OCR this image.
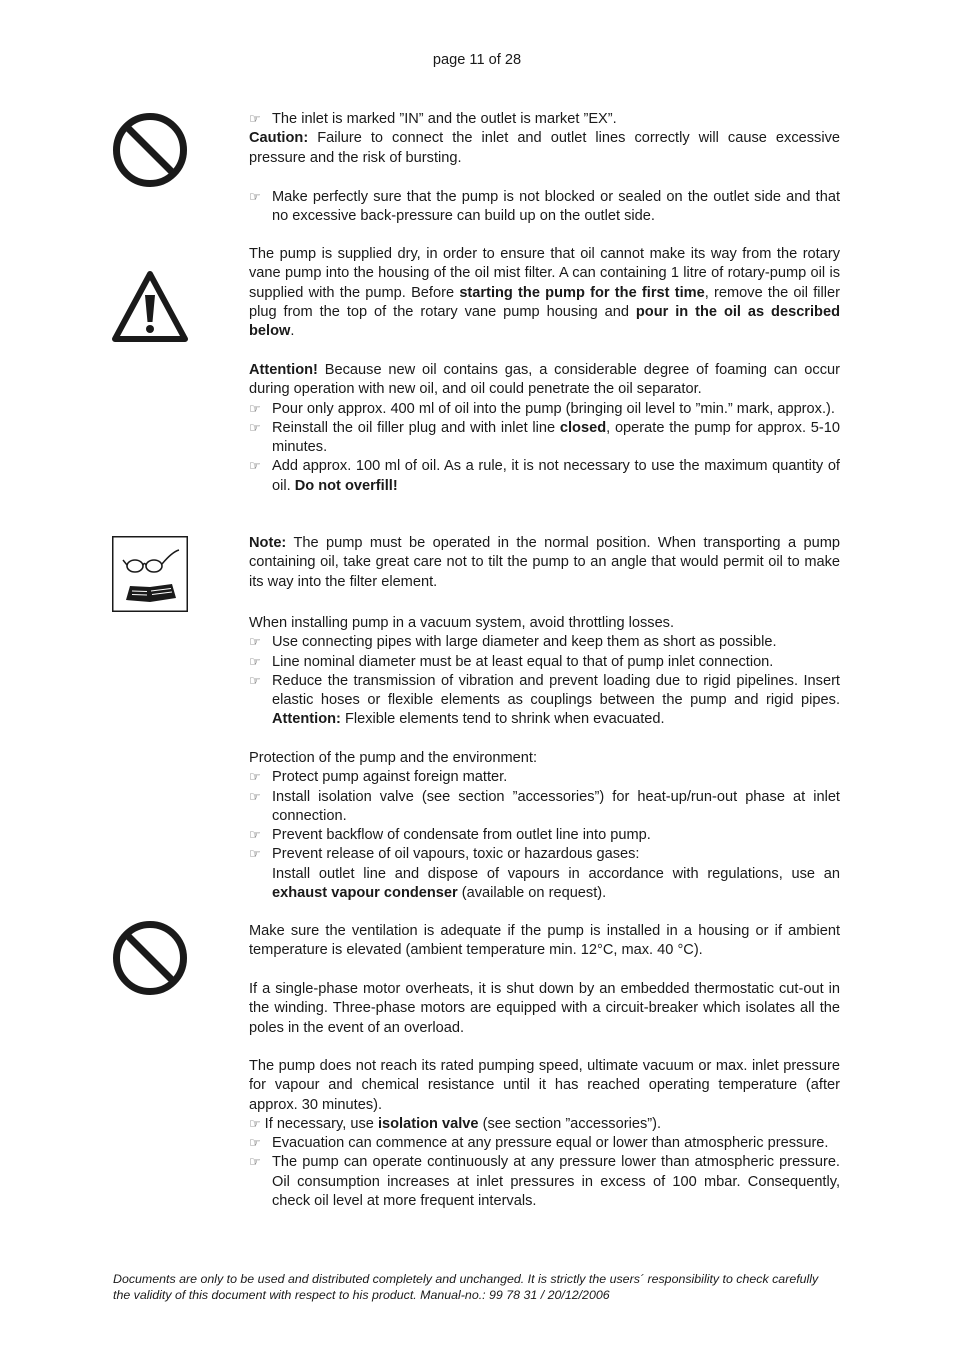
page 11 of 28
☞ The inlet is marked ”IN” and the outlet is market ”EX”.
Caution: Failure to connect the inlet and outlet lines correctly will cause excessive pressure and the risk of bursting.
☞ Make perfectly sure that the pump is not blocked or sealed on the outlet side and that no excessive back-pressure can build up on the outlet side.
The pump is supplied dry, in order to ensure that oil cannot make its way from the rotary vane pump into the housing of the oil mist filter. A can containing 1 litre of rotary-pump oil is supplied with the pump. Before starting the pump for the first time, remove the oil filler plug from the top of the rotary vane pump housing and pour in the oil as described below.
Attention! Because new oil contains gas, a considerable degree of foaming can occur during operation with new oil, and oil could penetrate the oil separator.
☞ Pour only approx. 400 ml of oil into the pump (bringing oil level to ”min.” mark, approx.).
☞ Reinstall the oil filler plug and with inlet line closed, operate the pump for approx. 5-10 minutes.
☞ Add approx. 100 ml of oil. As a rule, it is not necessary to use the maximum quantity of oil. Do not overfill!
Note: The pump must be operated in the normal position. When transporting a pump containing oil, take great care not to tilt the pump to an angle that would permit oil to make its way into the filter element.
When installing pump in a vacuum system, avoid throttling losses.
☞ Use connecting pipes with large diameter and keep them as short as possible.
☞ Line nominal diameter must be at least equal to that of pump inlet connection.
☞ Reduce the transmission of vibration and prevent loading due to rigid pipelines. Insert elastic hoses or flexible elements as couplings between the pump and rigid pipes. Attention: Flexible elements tend to shrink when evacuated.
Protection of the pump and the environment:
☞ Protect pump against foreign matter.
☞ Install isolation valve (see section ”accessories”) for heat-up/run-out phase at inlet connection.
☞ Prevent backflow of condensate from outlet line into pump.
☞ Prevent release of oil vapours, toxic or hazardous gases:
Install outlet line and dispose of vapours in accordance with regulations, use an exhaust vapour condenser (available on request).
Make sure the ventilation is adequate if the pump is installed in a housing or if ambient temperature is elevated (ambient temperature min. 12°C, max. 40 °C).
If a single-phase motor overheats, it is shut down by an embedded thermostatic cut-out in the winding. Three-phase motors are equipped with a circuit-breaker which isolates all the poles in the event of an overload.
The pump does not reach its rated pumping speed, ultimate vacuum or max. inlet pressure for vapour and chemical resistance until it has reached operating temperature (after approx. 30 minutes).
☞ If necessary, use isolation valve (see section ”accessories”).
☞ Evacuation can commence at any pressure equal or lower than atmospheric pressure.
☞ The pump can operate continuously at any pressure lower than atmospheric pressure. Oil consumption increases at inlet pressures in excess of 100 mbar. Consequently, check oil level at more frequent intervals.
Documents are only to be used and distributed completely and unchanged. It is strictly the users´ responsibility to check carefully
the validity of this document with respect to his product. Manual-no.: 99 78 31 / 20/12/2006
